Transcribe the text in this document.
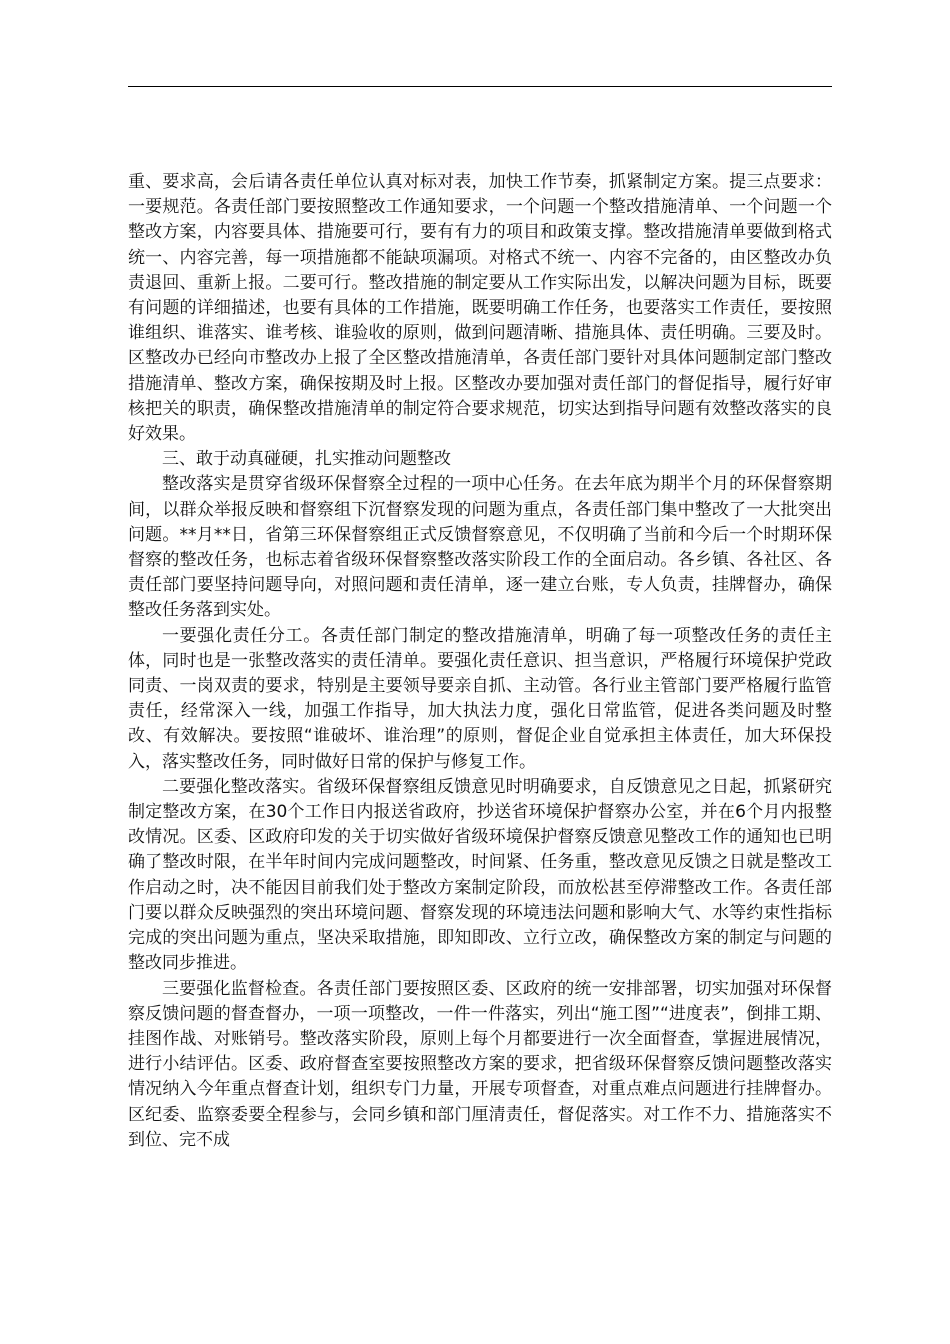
重、要求高，会后请各责任单位认真对标对表，加快工作节奏，抓紧制定方案。提三点要求：一要规范。各责任部门要按照整改工作通知要求，一个问题一个整改措施清单、一个问题一个整改方案，内容要具体、措施要可行，要有有力的项目和政策支撑。整改措施清单要做到格式统一、内容完善，每一项措施都不能缺项漏项。对格式不统一、内容不完备的，由区整改办负责退回、重新上报。二要可行。整改措施的制定要从工作实际出发，以解决问题为目标，既要有问题的详细描述，也要有具体的工作措施，既要明确工作任务，也要落实工作责任，要按照谁组织、谁落实、谁考核、谁验收的原则，做到问题清晰、措施具体、责任明确。三要及时。区整改办已经向市整改办上报了全区整改措施清单，各责任部门要针对具体问题制定部门整改措施清单、整改方案，确保按期及时上报。区整改办要加强对责任部门的督促指导，履行好审核把关的职责，确保整改措施清单的制定符合要求规范，切实达到指导问题有效整改落实的良好效果。

三、敢于动真碰硬，扎实推动问题整改

整改落实是贯穿省级环保督察全过程的一项中心任务。在去年底为期半个月的环保督察期间，以群众举报反映和督察组下沉督察发现的问题为重点，各责任部门集中整改了一大批突出问题。**月**日，省第三环保督察组正式反馈督察意见，不仅明确了当前和今后一个时期环保督察的整改任务，也标志着省级环保督察整改落实阶段工作的全面启动。各乡镇、各社区、各责任部门要坚持问题导向，对照问题和责任清单，逐一建立台账，专人负责，挂牌督办，确保整改任务落到实处。

一要强化责任分工。各责任部门制定的整改措施清单，明确了每一项整改任务的责任主体，同时也是一张整改落实的责任清单。要强化责任意识、担当意识，严格履行环境保护党政同责、一岗双责的要求，特别是主要领导要亲自抓、主动管。各行业主管部门要严格履行监管责任，经常深入一线，加强工作指导，加大执法力度，强化日常监管，促进各类问题及时整改、有效解决。要按照“谁破坏、谁治理”的原则，督促企业自觉承担主体责任，加大环保投入，落实整改任务，同时做好日常的保护与修复工作。

二要强化整改落实。省级环保督察组反馈意见时明确要求，自反馈意见之日起，抓紧研究制定整改方案，在30个工作日内报送省政府，抄送省环境保护督察办公室，并在6个月内报整改情况。区委、区政府印发的关于切实做好省级环境保护督察反馈意见整改工作的通知也已明确了整改时限，在半年时间内完成问题整改，时间紧、任务重，整改意见反馈之日就是整改工作启动之时，决不能因目前我们处于整改方案制定阶段，而放松甚至停滞整改工作。各责任部门要以群众反映强烈的突出环境问题、督察发现的环境违法问题和影响大气、水等约束性指标完成的突出问题为重点，坚决采取措施，即知即改、立行立改，确保整改方案的制定与问题的整改同步推进。

三要强化监督检查。各责任部门要按照区委、区政府的统一安排部署，切实加强对环保督察反馈问题的督查督办，一项一项整改，一件一件落实，列出“施工图”“进度表”，倒排工期、挂图作战、对账销号。整改落实阶段，原则上每个月都要进行一次全面督查，掌握进展情况，进行小结评估。区委、政府督查室要按照整改方案的要求，把省级环保督察反馈问题整改落实情况纳入今年重点督查计划，组织专门力量，开展专项督查，对重点难点问题进行挂牌督办。区纪委、监察委要全程参与，会同乡镇和部门厘清责任，督促落实。对工作不力、措施落实不到位、完不成
